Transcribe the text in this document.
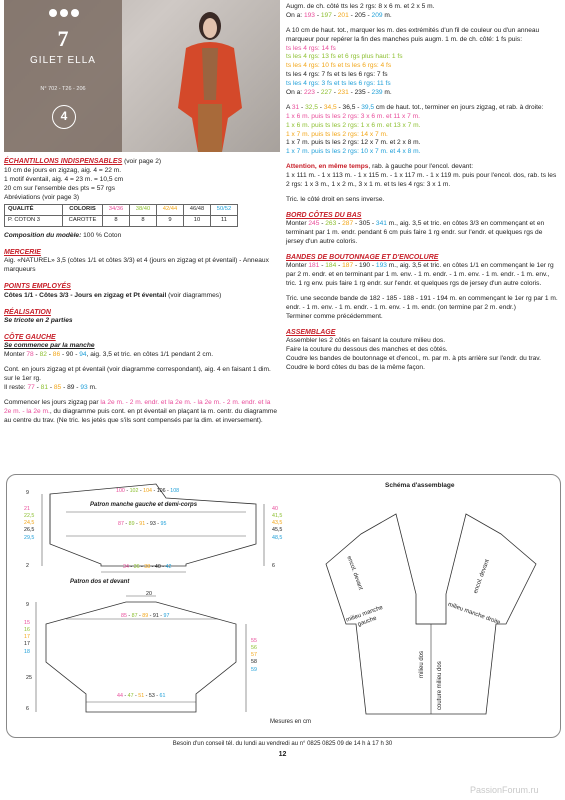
7
GILET ELLA
N° 702 - T26 - 206
4

ÉCHANTILLONS INDISPENSABLES (voir page 2)

10 cm de jours en zigzag, aig. 4 = 22 m.

1 motif éventail, aig. 4 = 23 m. = 10,5 cm

20 cm sur l'ensemble des pts = 57 rgs

Abréviations (voir page 3)

QUALITÉ	COLORIS	34/36	38/40	42/44	46/48	50/52
P. COTON 3	CAROTTE	8	8	9	10	11

Composition du modèle: 100 % Coton

MERCERIE

Aig. «NATUREL» 3,5 (côtes 1/1 et côtes 3/3) et 4 (jours en zigzag et pt éventail) - Anneaux marqueurs

POINTS EMPLOYÉS

Côtes 1/1 - Côtes 3/3 - Jours en zigzag et Pt éventail (voir diagrammes)

RÉALISATION

Se tricote en 2 parties

CÔTE GAUCHE

Se commence par la manche

Monter 78 - 82 - 86 - 90 - 94, aig. 3,5 et tric. en côtes 1/1 pendant 2 cm.

Cont. en jours zigzag et pt éventail (voir diagramme correspondant), aig. 4 en faisant 1 dim. sur le 1er rg.

Il reste: 77 - 81 - 85 - 89 - 93 m.

Commencer les jours zigzag par la 2e m. - 2 m. endr. et la 2e m. - la 2e m. - 2 m. endr. et la 2e m. - la 2e m., du diagramme puis cont. en pt éventail en plaçant la m. centr. du diagramme au centre du trav. (Ne tric. les jetés que s'ils sont compensés par la dim. et inversement).

Augm. de ch. côté tts les 2 rgs: 8 x 6 m. et 2 x 5 m.

On a: 193 - 197 - 201 - 205 - 209 m.

A 10 cm de haut. tot., marquer les m. des extrémités d'un fil de couleur ou d'un anneau marqueur pour repérer la fin des manches puis augm. 1 m. de ch. côté: 1 fs puis:

ts les 4 rgs: 14 fs

ts les 4 rgs: 13 fs et 6 rgs plus haut: 1 fs

ts les 4 rgs: 10 fs et ts les 6 rgs: 4 fs

ts les 4 rgs: 7 fs et ts les 6 rgs: 7 fs

ts les 4 rgs: 3 fs et ts les 6 rgs: 11 fs

On a: 223 - 227 - 231 - 235 - 239 m.

A 31 - 32,5 - 34,5 - 36,5 - 39,5 cm de haut. tot., terminer en jours zigzag, et rab. à droite:

1 x 6 m. puis ts les 2 rgs: 3 x 6 m. et 11 x 7 m.

1 x 6 m. puis ts les 2 rgs: 1 x 6 m. et 13 x 7 m.

1 x 7 m. puis ts les 2 rgs: 14 x 7 m.

1 x 7 m. puis ts les 2 rgs: 12 x 7 m. et 2 x 8 m.

1 x 7 m. puis ts les 2 rgs: 10 x 7 m. et 4 x 8 m.

Attention, en même temps, rab. à gauche pour l'encol. devant:

1 x 111 m. - 1 x 113 m. - 1 x 115 m. - 1 x 117 m. - 1 x 119 m. puis pour l'encol. dos, rab. ts les 2 rgs: 1 x 3 m., 1 x 2 m., 3 x 1 m. et ts les 4 rgs: 3 x 1 m.

Tric. le côté droit en sens inverse.

BORD CÔTES DU BAS

Monter 245 - 263 - 287 - 305 - 341 m., aig. 3,5 et tric. en côtes 3/3 en commençant et en terminant par 1 m. endr. pendant 6 cm puis faire 1 rg endr. sur l'endr. et quelques rgs de jersey d'un autre coloris.

BANDES DE BOUTONNAGE ET D'ENCOLURE

Monter 181 - 184 - 187 - 190 - 193 m., aig. 3,5 et tric. en côtes 1/1 en commençant le 1er rg par 2 m. endr. et en terminant par 1 m. env. - 1 m. endr. - 1 m. env. - 1 m. endr. - 1 m. env., tric. 1 rg env. puis faire 1 rg endr. sur l'endr. et quelques rgs de jersey d'un autre coloris.

Tric. une seconde bande de 182 - 185 - 188 - 191 - 194 m. en commençant le 1er rg par 1 m. endr. - 1 m. env. - 1 m. endr. - 1 m. env. - 1 m. endr. (on termine par 2 m. endr.)

Terminer comme précédemment.

ASSEMBLAGE

Assembler les 2 côtés en faisant la couture milieu dos.

Faire la couture du dessous des manches et des côtés.

Coudre les bandes de boutonnage et d'encol., m. par m. à pts arrière sur l'endr. du trav.

Coudre le bord côtes du bas de la même façon.

Patron manche gauche et demi-corps
Patron dos et devant
Schéma d'assemblage
Mesures en cm
100 - 102 - 104 - 106 - 108
87 - 89 - 91 - 93 - 95
34 - 36 - 38 - 40 - 42
9
21
22,5
24,5
26,5
29,5
2
40
41,5
43,5
45,5
48,5
6
20
85 - 87 - 89 - 91 - 97
9
15
16
17
17
18
25
6
44 - 47 - 51 - 53 - 61
55
56
57
58
59
encol. devant	encol. devant
milieu manche gauche	milieu manche droite
milieu dos couture milieu dos
Besoin d'un conseil tél. du lundi au vendredi au n° 0825 0825 09 de 14 h à 17 h 30
12
PassionForum.ru
